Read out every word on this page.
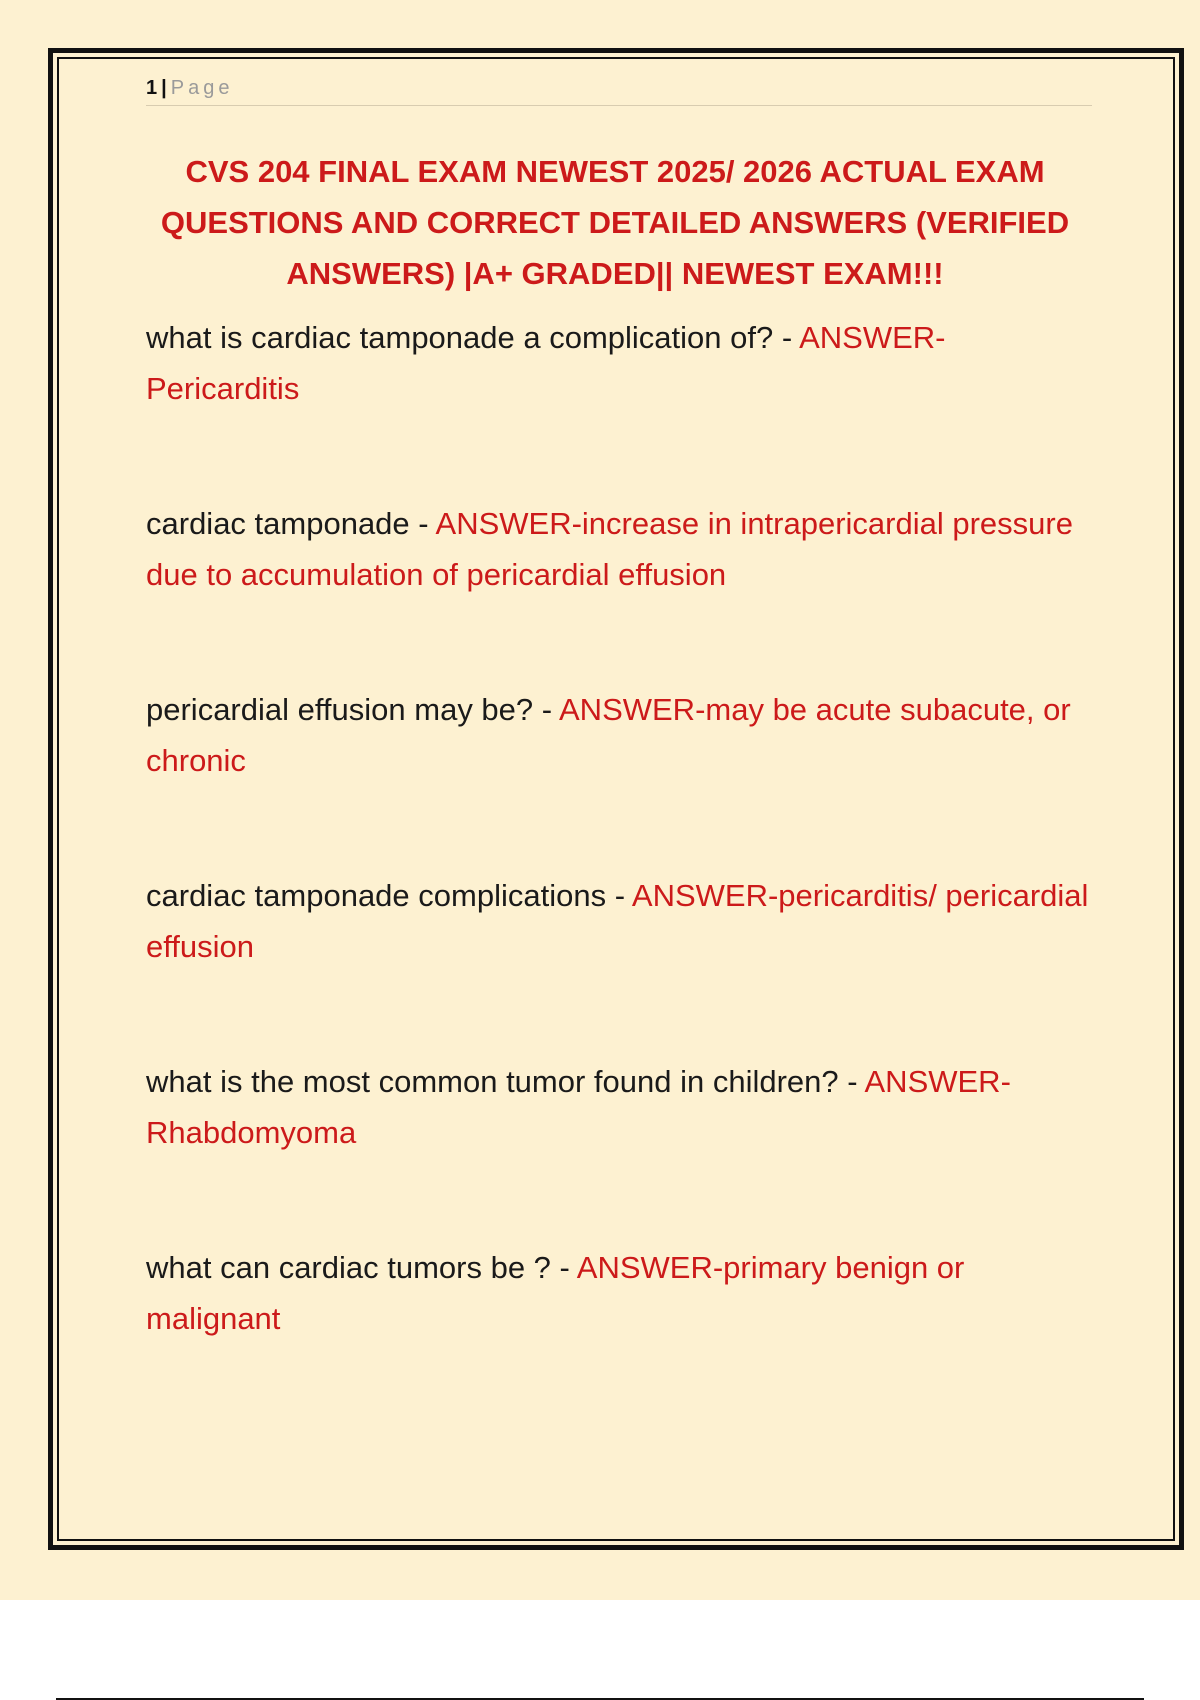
1 | Page
CVS 204 FINAL EXAM NEWEST 2025/ 2026 ACTUAL EXAM
QUESTIONS AND CORRECT DETAILED ANSWERS (VERIFIED
ANSWERS) |A+ GRADED|| NEWEST EXAM!!!

what is cardiac tamponade a complication of? - ANSWER-Pericarditis

cardiac tamponade - ANSWER-increase in intrapericardial pressure due to accumulation of pericardial effusion

pericardial effusion may be? - ANSWER-may be acute subacute, or chronic

cardiac tamponade complications - ANSWER-pericarditis/ pericardial effusion

what is the most common tumor found in children? - ANSWER-Rhabdomyoma

what can cardiac tumors be ? - ANSWER-primary benign or malignant
